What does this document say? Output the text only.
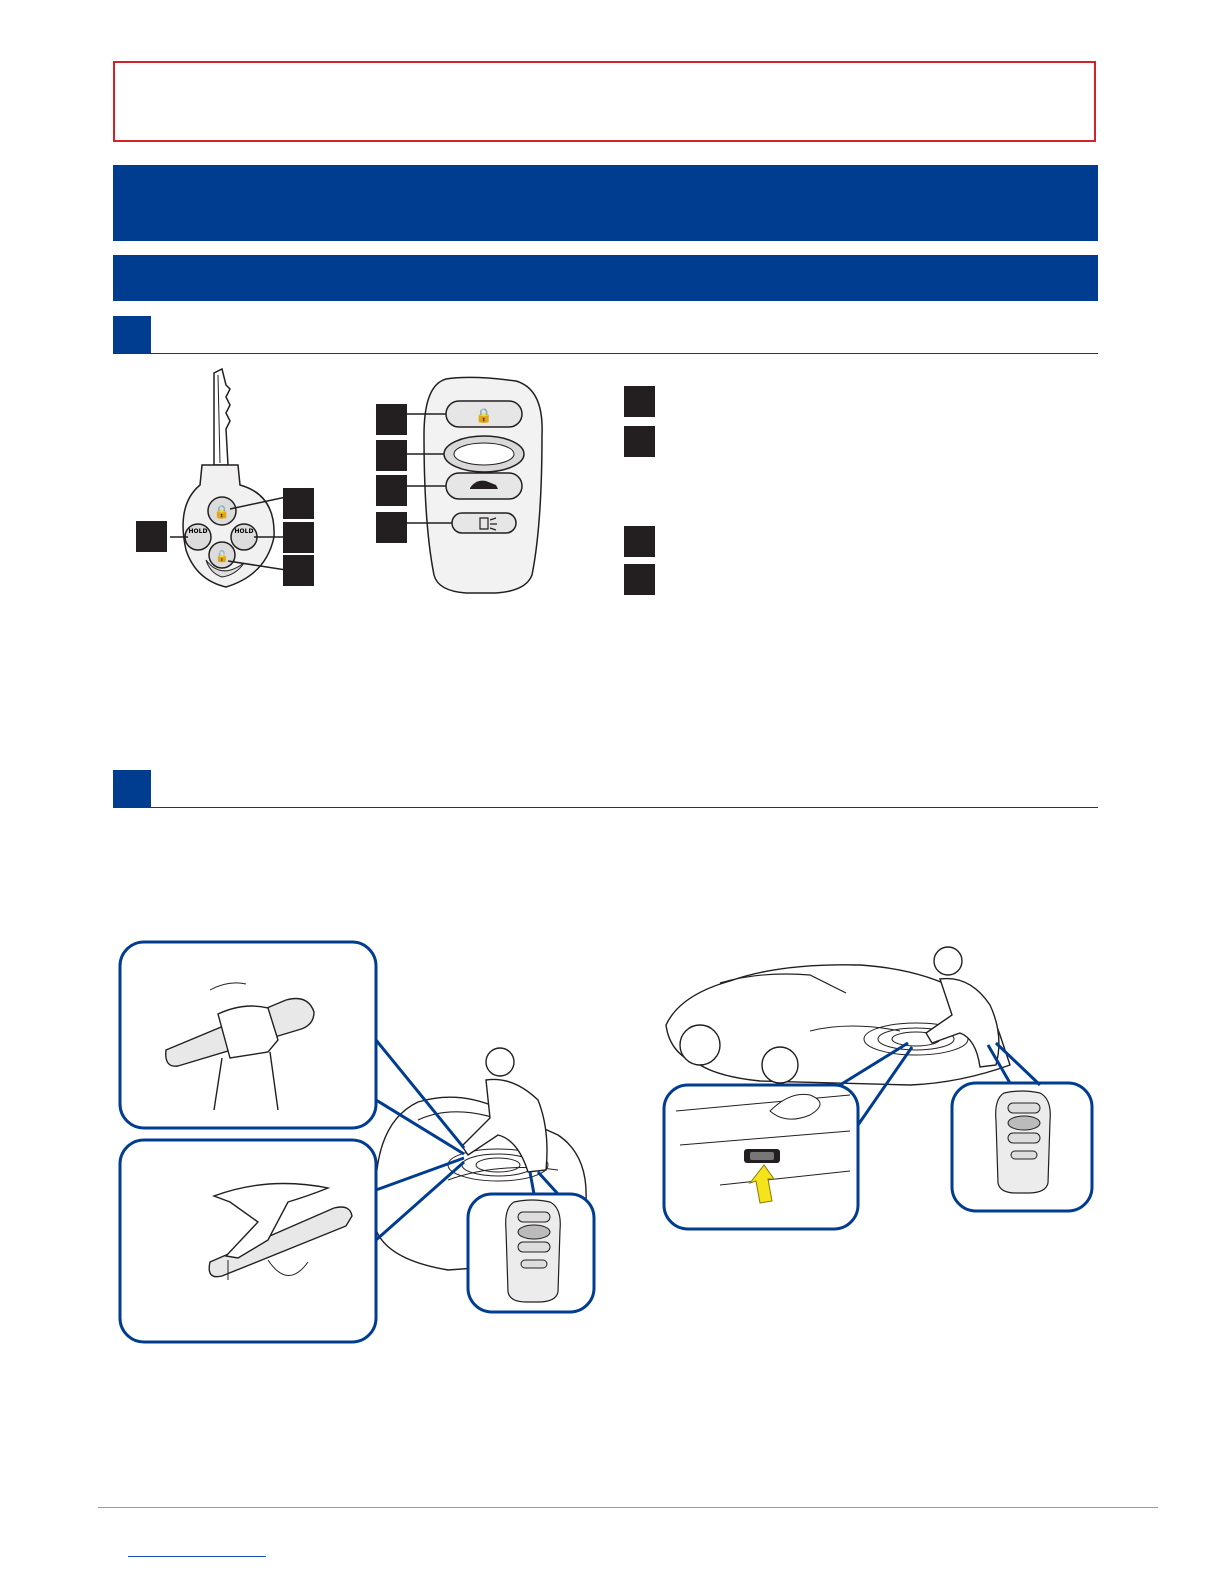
🔒
HOLD	HOLD
🔓
🔒
